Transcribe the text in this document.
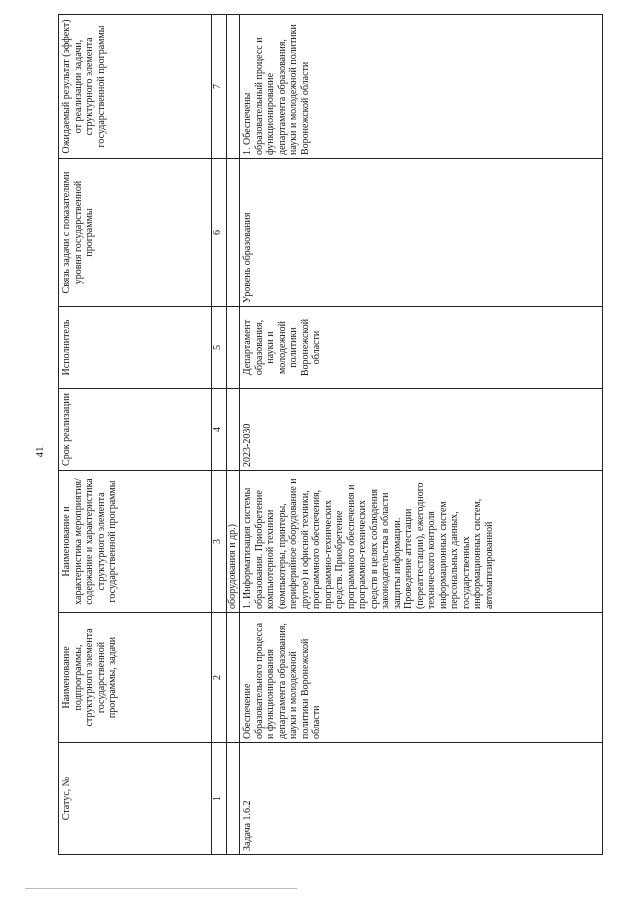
41
Статус, №	Наименование подпрограммы, структурного элемента государственной программы, задачи	Наименование и характеристика мероприятия/содержание и характеристика структурного элемента государственной программы	Срок реализации	Исполнитель	Связь задачи с показателями уровня государственной программы	Ожидаемый результат (эффект) от реализации задачи, структурного элемента государственной программы
1	2	3	4	5	6	7
		оборудования и др.)				
Задача 1.6.2	Обеспечение образовательного процесса и функционирования департамента образования, науки и молодежной политики Воронежской области	1. Информатизация системы образования. Приобретение компьютерной техники (компьютеры, принтеры, периферийное оборудование и другое) и офисной техники, программного обеспечения, программно-технических средств. Приобретение программного обеспечения и программно-технических средств в целях соблюдения законодательства в области защиты информации. Проведение аттестации (переаттестации), ежегодного технического контроля информационных систем персональных данных, государственных информационных систем, автоматизированной	2023-2030	Департамент образования, науки и молодежной политики Воронежской области	Уровень образования	1. Обеспечены образовательный процесс и функционирование департамента образования, науки и молодежной политики Воронежской области
